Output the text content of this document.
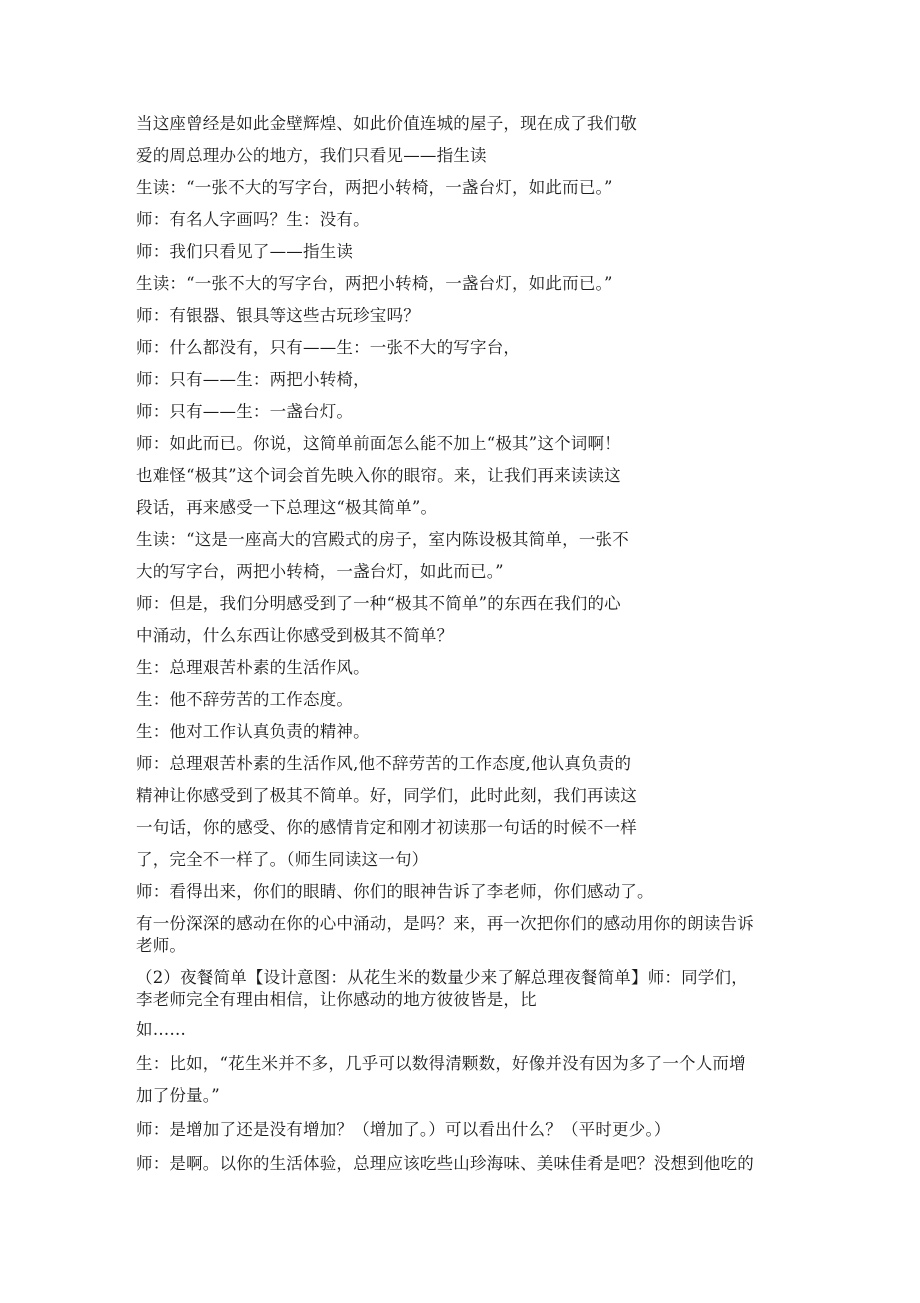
当这座曾经是如此金壁辉煌、如此价值连城的屋子，现在成了我们敬
爱的周总理办公的地方，我们只看见——指生读
生读：“一张不大的写字台，两把小转椅，一盏台灯，如此而已。”
师：有名人字画吗？生：没有。
师：我们只看见了——指生读
生读：“一张不大的写字台，两把小转椅，一盏台灯，如此而已。”
师：有银器、银具等这些古玩珍宝吗？
师：什么都没有，只有——生：一张不大的写字台，
师：只有——生：两把小转椅，
师：只有——生：一盏台灯。
师：如此而已。你说，这简单前面怎么能不加上“极其”这个词啊！
也难怪“极其”这个词会首先映入你的眼帘。来，让我们再来读读这
段话，再来感受一下总理这“极其简单”。
生读：“这是一座高大的宫殿式的房子，室内陈设极其简单，一张不
大的写字台，两把小转椅，一盏台灯，如此而已。”
师：但是，我们分明感受到了一种“极其不简单”的东西在我们的心
中涌动，什么东西让你感受到极其不简单？
生：总理艰苦朴素的生活作风。
生：他不辞劳苦的工作态度。
生：他对工作认真负责的精神。
师：总理艰苦朴素的生活作风,他不辞劳苦的工作态度,他认真负责的
精神让你感受到了极其不简单。好，同学们，此时此刻，我们再读这
一句话，你的感受、你的感情肯定和刚才初读那一句话的时候不一样
了，完全不一样了。（师生同读这一句）
师：看得出来，你们的眼睛、你们的眼神告诉了李老师，你们感动了。
有一份深深的感动在你的心中涌动，是吗？来，再一次把你们的感动用你的朗读告诉
老师。
（2）夜餐简单【设计意图：从花生米的数量少来了解总理夜餐简单】师：同学们，
李老师完全有理由相信，让你感动的地方彼彼皆是，比
如……
生：比如，“花生米并不多，几乎可以数得清颗数，好像并没有因为多了一个人而增
加了份量。”
师：是增加了还是没有增加？（增加了。）可以看出什么？（平时更少。）
师：是啊。以你的生活体验，总理应该吃些山珍海味、美味佳肴是吧？没想到他吃的
